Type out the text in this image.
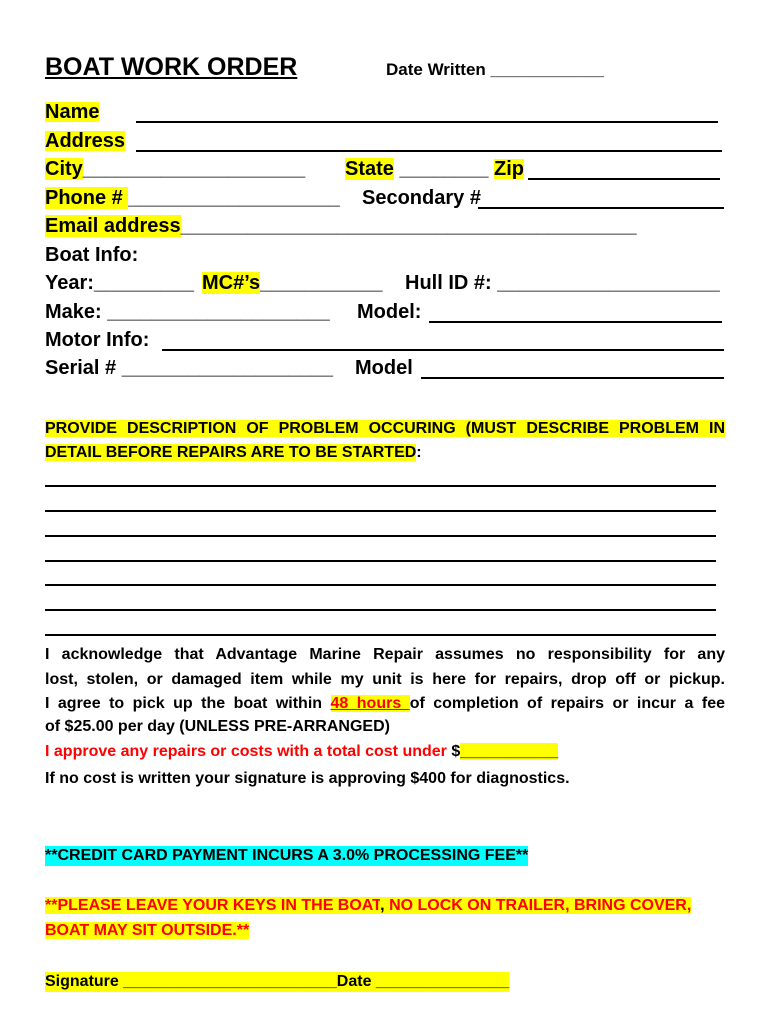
BOAT WORK ORDER	Date Written ____________
Name
Address
City____________________ State ________ Zip
Phone # ___________________ Secondary #
Email address_________________________________________
Boat Info:
Year:_________ MC#’s___________ Hull ID #: ____________________
Make: ____________________ Model:
Motor Info:
Serial # ___________________ Model
PROVIDE DESCRIPTION OF PROBLEM OCCURING (MUST DESCRIBE PROBLEM IN
DETAIL BEFORE REPAIRS ARE TO BE STARTED:
I acknowledge that Advantage Marine Repair assumes no responsibility for any
lost, stolen, or damaged item while my unit is here for repairs, drop off or pickup.
I agree to pick up the boat within 48 hours of completion of repairs or incur a fee
of $25.00 per day (UNLESS PRE-ARRANGED)
I approve any repairs or costs with a total cost under $___________
If no cost is written your signature is approving $400 for diagnostics.
**CREDIT CARD PAYMENT INCURS A 3.0% PROCESSING FEE**
**PLEASE LEAVE YOUR KEYS IN THE BOAT, NO LOCK ON TRAILER, BRING COVER,
BOAT MAY SIT OUTSIDE.**
Signature ________________________Date _______________
